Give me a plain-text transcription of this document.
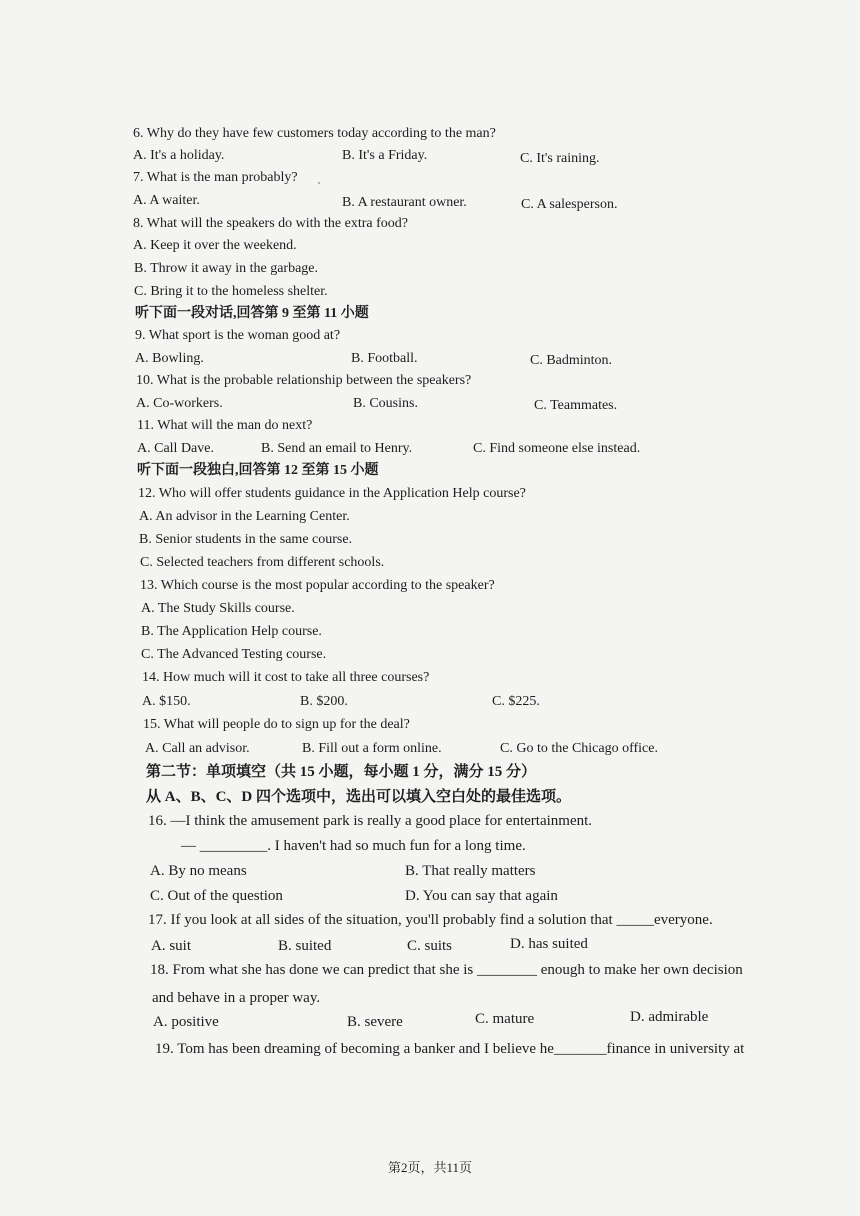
6. Why do they have few customers today according to the man?
A. It's a holiday.	B. It's a Friday.	C. It's raining.
7. What is the man probably?
A. A waiter.	B. A restaurant owner.	C. A salesperson.
8. What will the speakers do with the extra food?
A. Keep it over the weekend.
B. Throw it away in the garbage.
C. Bring it to the homeless shelter.
听下面一段对话,回答第 9 至第 11 小题
9. What sport is the woman good at?
A. Bowling.	B. Football.	C. Badminton.
10. What is the probable relationship between the speakers?
A. Co-workers.	B. Cousins.	C. Teammates.
11. What will the man do next?
A. Call Dave.	B. Send an email to Henry.	C. Find someone else instead.
听下面一段独白,回答第 12 至第 15 小题
12. Who will offer students guidance in the Application Help course?
A. An advisor in the Learning Center.
B. Senior students in the same course.
C. Selected teachers from different schools.
13. Which course is the most popular according to the speaker?
A. The Study Skills course.
B. The Application Help course.
C. The Advanced Testing course.
14. How much will it cost to take all three courses?
A. $150.	B. $200.	C. $225.
15. What will people do to sign up for the deal?
A. Call an advisor.	B. Fill out a form online.	C. Go to the Chicago office.
第二节：单项填空（共 15 小题，每小题 1 分，满分 15 分）
从 A、B、C、D 四个选项中，选出可以填入空白处的最佳选项。
16. —I think the amusement park is really a good place for entertainment.
— _________. I haven't had so much fun for a long time.
A. By no means	B. That really matters
C. Out of the question	D. You can say that again
17. If you look at all sides of the situation, you'll probably find a solution that _____everyone.
A. suit	B. suited	C. suits	D. has suited
18. From what she has done we can predict that she is ________ enough to make her own decision
and behave in a proper way.
A. positive	B. severe	C. mature	D. admirable
19. Tom has been dreaming of becoming a banker and I believe he_______finance in university at
第2页，共11页
